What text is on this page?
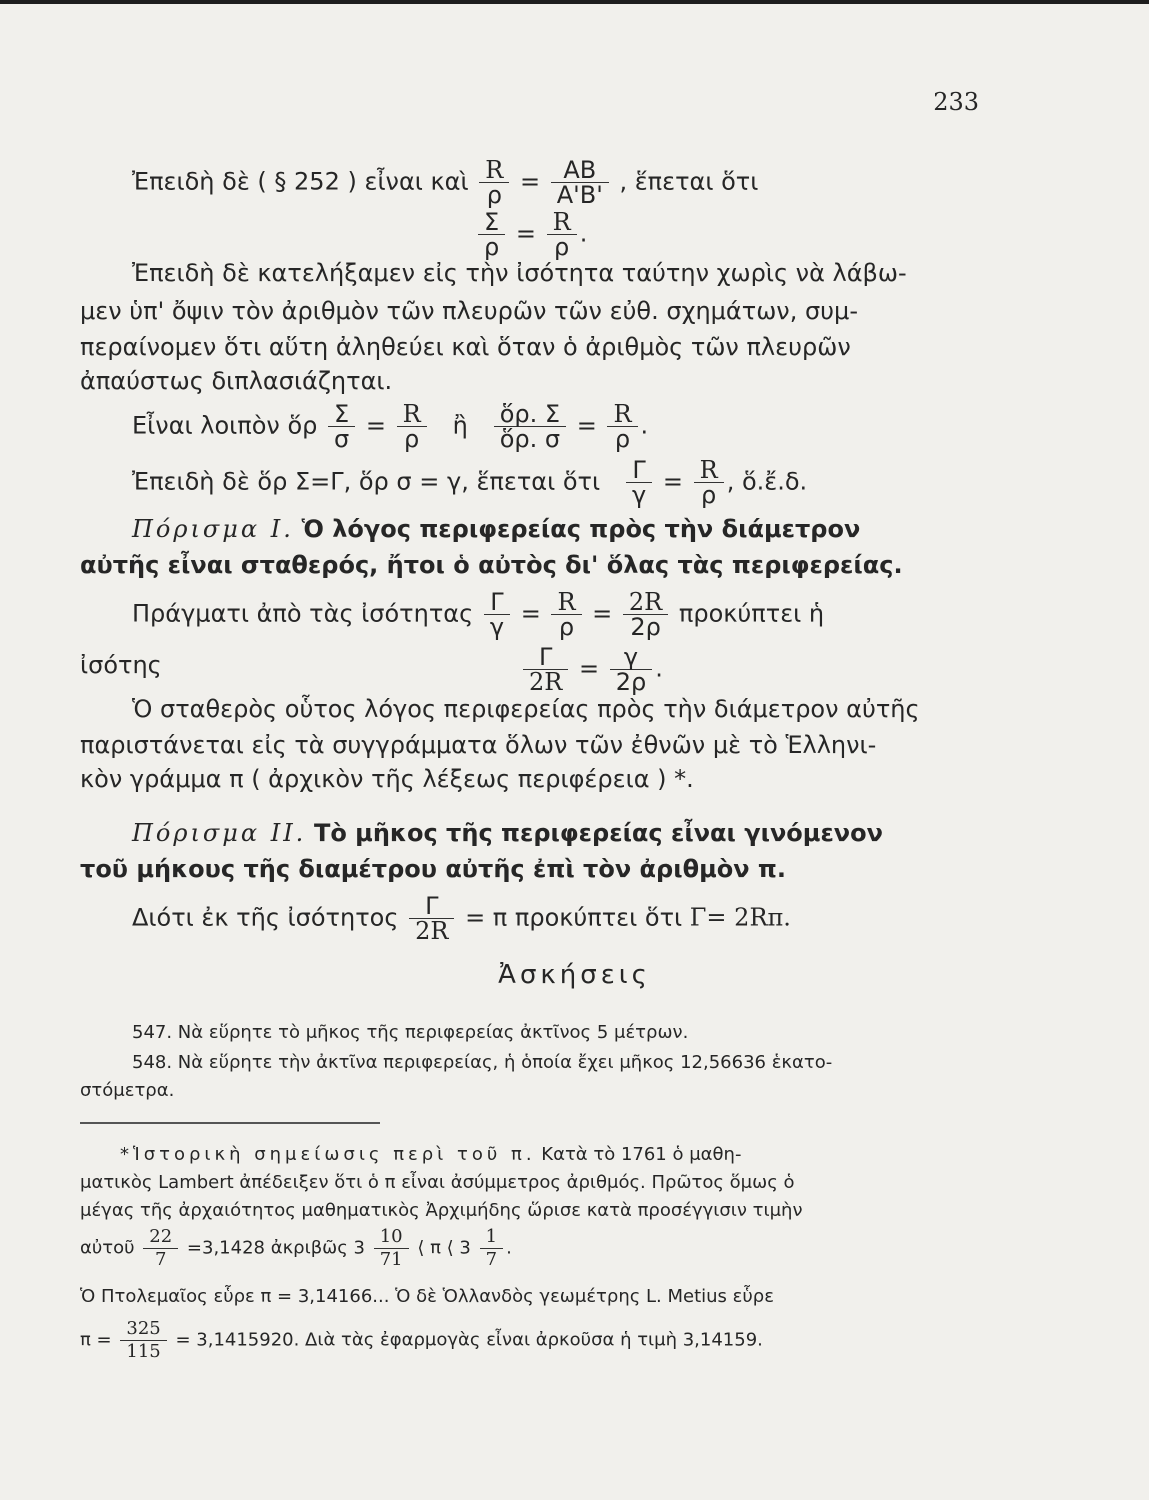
233
Ἐπειδὴ δὲ ( § 252 ) εἶναι καὶ $\frac{R}{\rho} = \frac{AB}{A'B'}$ , ἕπεται ὅτι
$\frac{\Sigma}{\rho} = \frac{R}{\rho}$ .
Ἐπειδὴ δὲ κατελήξαμεν εἰς τὴν ἰσότητα ταύτην χωρὶς νὰ λάβω-
μεν ὑπ' ὄψιν τὸν ἀριθμὸν τῶν πλευρῶν τῶν εὐθ. σχημάτων, συμ-
περαίνομεν ὅτι αὕτη ἀληθεύει καὶ ὅταν ὁ ἀριθμὸς τῶν πλευρῶν
ἀπαύστως διπλασιάζηται.
Εἶναι λοιπὸν ὅρ $\frac{\Sigma}{\sigma} = \frac{R}{\rho}$ ἢ $\frac{\text{ὅρ. Σ}}{\text{ὅρ. σ}} = \frac{R}{\rho}$ .
Ἐπειδὴ δὲ ὅρ Σ=Γ, ὅρ σ = γ, ἕπεται ὅτι $\frac{\Gamma}{\gamma} = \frac{R}{\rho}$ , ὅ.ἔ.δ.
Πόρισμα I. Ὁ λόγος περιφερείας πρὸς τὴν διάμετρον
αὐτῆς εἶναι σταθερός, ἤτοι ὁ αὐτὸς δι' ὅλας τὰς περιφερείας.
Πράγματι ἀπὸ τὰς ἰσότητας $\frac{\Gamma}{\gamma} = \frac{R}{\rho} = \frac{2R}{2\rho}$ προκύπτει ἡ
ἰσότης	$\frac{\Gamma}{2R} = \frac{\gamma}{2\rho}$ .
Ὁ σταθερὸς οὗτος λόγος περιφερείας πρὸς τὴν διάμετρον αὐτῆς
παριστάνεται εἰς τὰ συγγράμματα ὅλων τῶν ἐθνῶν μὲ τὸ Ἑλληνι-
κὸν γράμμα π ( ἀρχικὸν τῆς λέξεως περιφέρεια ) *.
Πόρισμα II. Τὸ μῆκος τῆς περιφερείας εἶναι γινόμενον
τοῦ μήκους τῆς διαμέτρου αὐτῆς ἐπὶ τὸν ἀριθμὸν π.
Διότι ἐκ τῆς ἰσότητος $\frac{\Gamma}{2R} = \pi$ προκύπτει ὅτι Γ= 2Rπ.
Ἀσκήσεις
547. Νὰ εὕρητε τὸ μῆκος τῆς περιφερείας ἀκτῖνος 5 μέτρων.
548. Νὰ εὕρητε τὴν ἀκτῖνα περιφερείας, ἡ ὁποία ἔχει μῆκος 12,56636 ἑκατο-
στόμετρα.
*Ἱστορικὴ σημείωσις περὶ τοῦ π. Κατὰ τὸ 1761 ὁ μαθη-
ματικὸς Lambert ἀπέδειξεν ὅτι ὁ π εἶναι ἀσύμμετρος ἀριθμός. Πρῶτος ὅμως ὁ
μέγας τῆς ἀρχαιότητος μαθηματικὸς Ἀρχιμήδης ὥρισε κατὰ προσέγγισιν τιμὴν
αὐτοῦ $\frac{22}{7} =3,1428$ ἀκριβῶς $3 \frac{10}{71}$ ⟨ π ⟨ $3 \frac{1}{7}$ .
Ὁ Πτολεμαῖος εὗρε π = 3,14166... Ὁ δὲ Ὁλλανδὸς γεωμέτρης L. Metius εὗρε
$\pi = \frac{325}{115} = 3,1415920$. Διὰ τὰς ἐφαρμογὰς εἶναι ἀρκοῦσα ἡ τιμὴ 3,14159.
